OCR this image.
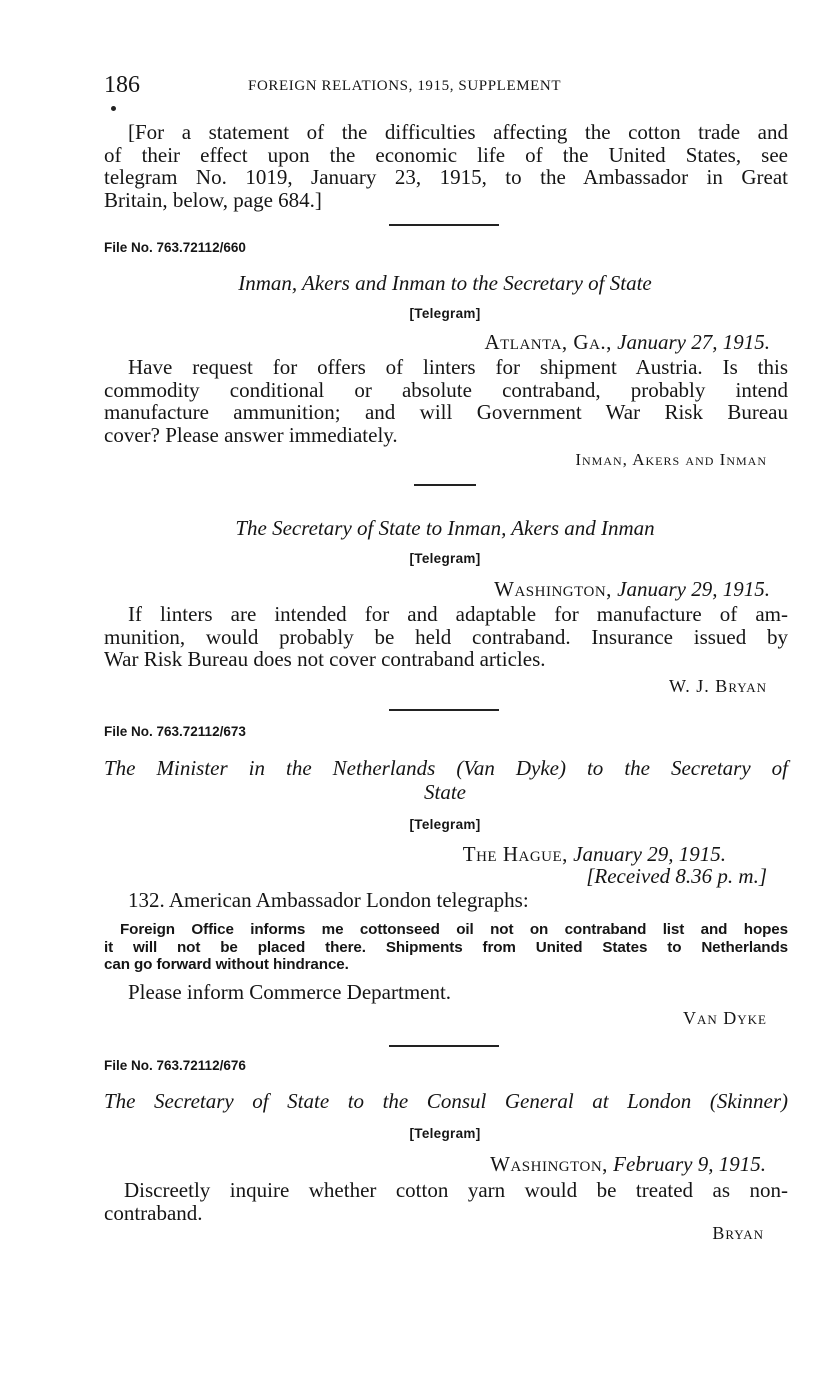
186	FOREIGN RELATIONS, 1915, SUPPLEMENT
[For a statement of the difficulties affecting the cotton trade and
of their effect upon the economic life of the United States, see
telegram No. 1019, January 23, 1915, to the Ambassador in Great
Britain, below, page 684.]
File No. 763.72112/660
Inman, Akers and Inman to the Secretary of State
[Telegram]
Atlanta, Ga., January 27, 1915.
Have request for offers of linters for shipment Austria. Is this
commodity conditional or absolute contraband, probably intend
manufacture ammunition; and will Government War Risk Bureau
cover? Please answer immediately.
Inman, Akers and Inman
The Secretary of State to Inman, Akers and Inman
[Telegram]
Washington, January 29, 1915.
If linters are intended for and adaptable for manufacture of am-
munition, would probably be held contraband. Insurance issued by
War Risk Bureau does not cover contraband articles.
W. J. Bryan
File No. 763.72112/673
The Minister in the Netherlands (Van Dyke) to the Secretary of
State
[Telegram]
The Hague, January 29, 1915.
[Received 8.36 p. m.]
132. American Ambassador London telegraphs:
Foreign Office informs me cottonseed oil not on contraband list and hopes
it will not be placed there. Shipments from United States to Netherlands
can go forward without hindrance.
Please inform Commerce Department.
Van Dyke
File No. 763.72112/676
The Secretary of State to the Consul General at London (Skinner)
[Telegram]
Washington, February 9, 1915.
Discreetly inquire whether cotton yarn would be treated as non-
contraband.
Bryan
